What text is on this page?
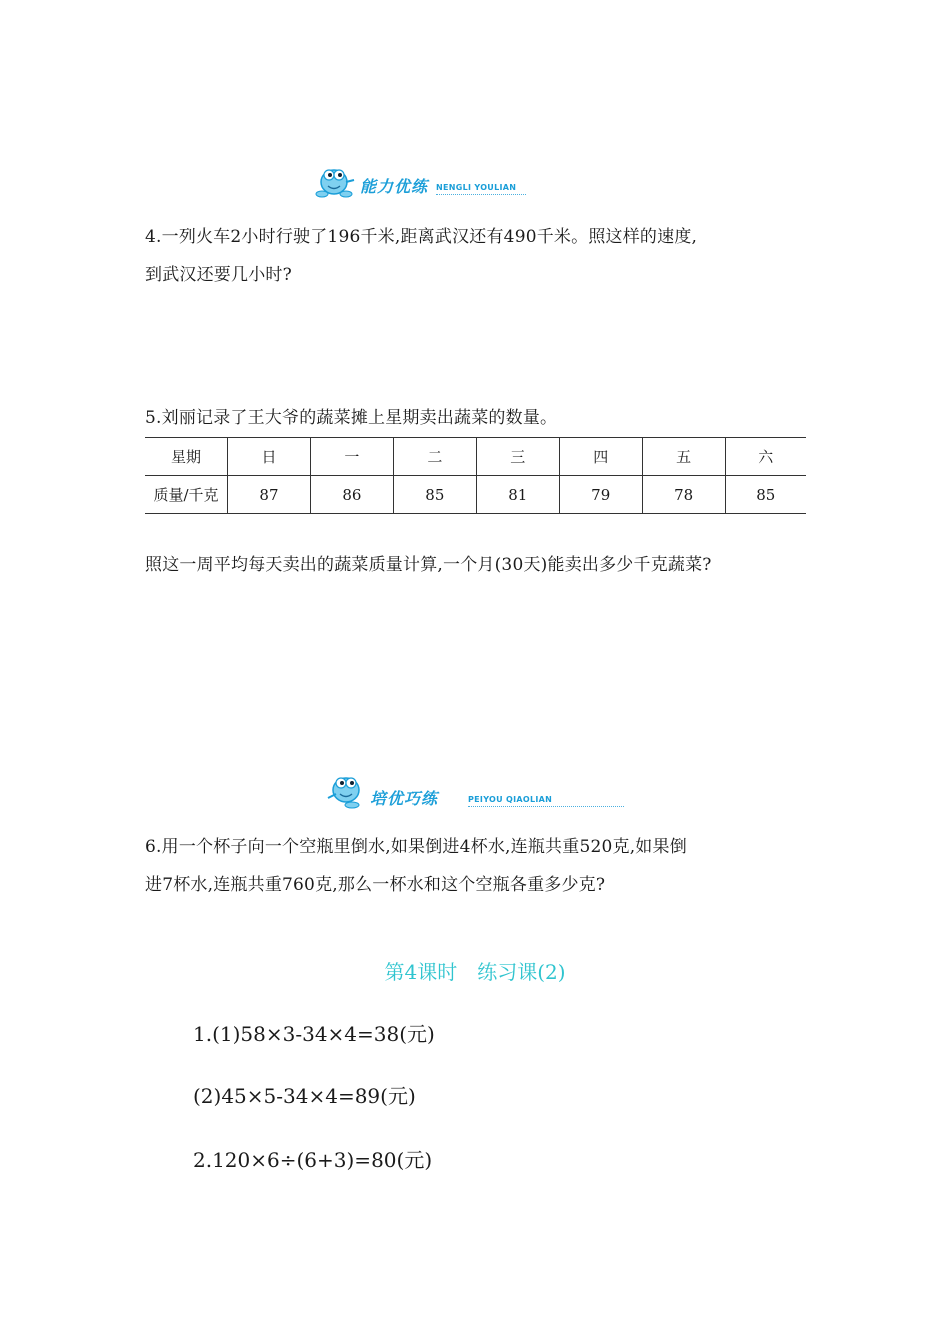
能力优练 NENGLI YOULIAN
4.一列火车2小时行驶了196千米,距离武汉还有490千米。照这样的速度,
到武汉还要几小时?
5.刘丽记录了王大爷的蔬菜摊上星期卖出蔬菜的数量。
星期	日	一	二	三	四	五	六
质量/千克	87	86	85	81	79	78	85
照这一周平均每天卖出的蔬菜质量计算,一个月(30天)能卖出多少千克蔬菜?
培优巧练	PEIYOU QIAOLIAN
6.用一个杯子向一个空瓶里倒水,如果倒进4杯水,连瓶共重520克,如果倒
进7杯水,连瓶共重760克,那么一杯水和这个空瓶各重多少克?
第4课时　练习课(2)
1.(1)58×3-34×4=38(元)
(2)45×5-34×4=89(元)
2.120×6÷(6+3)=80(元)
